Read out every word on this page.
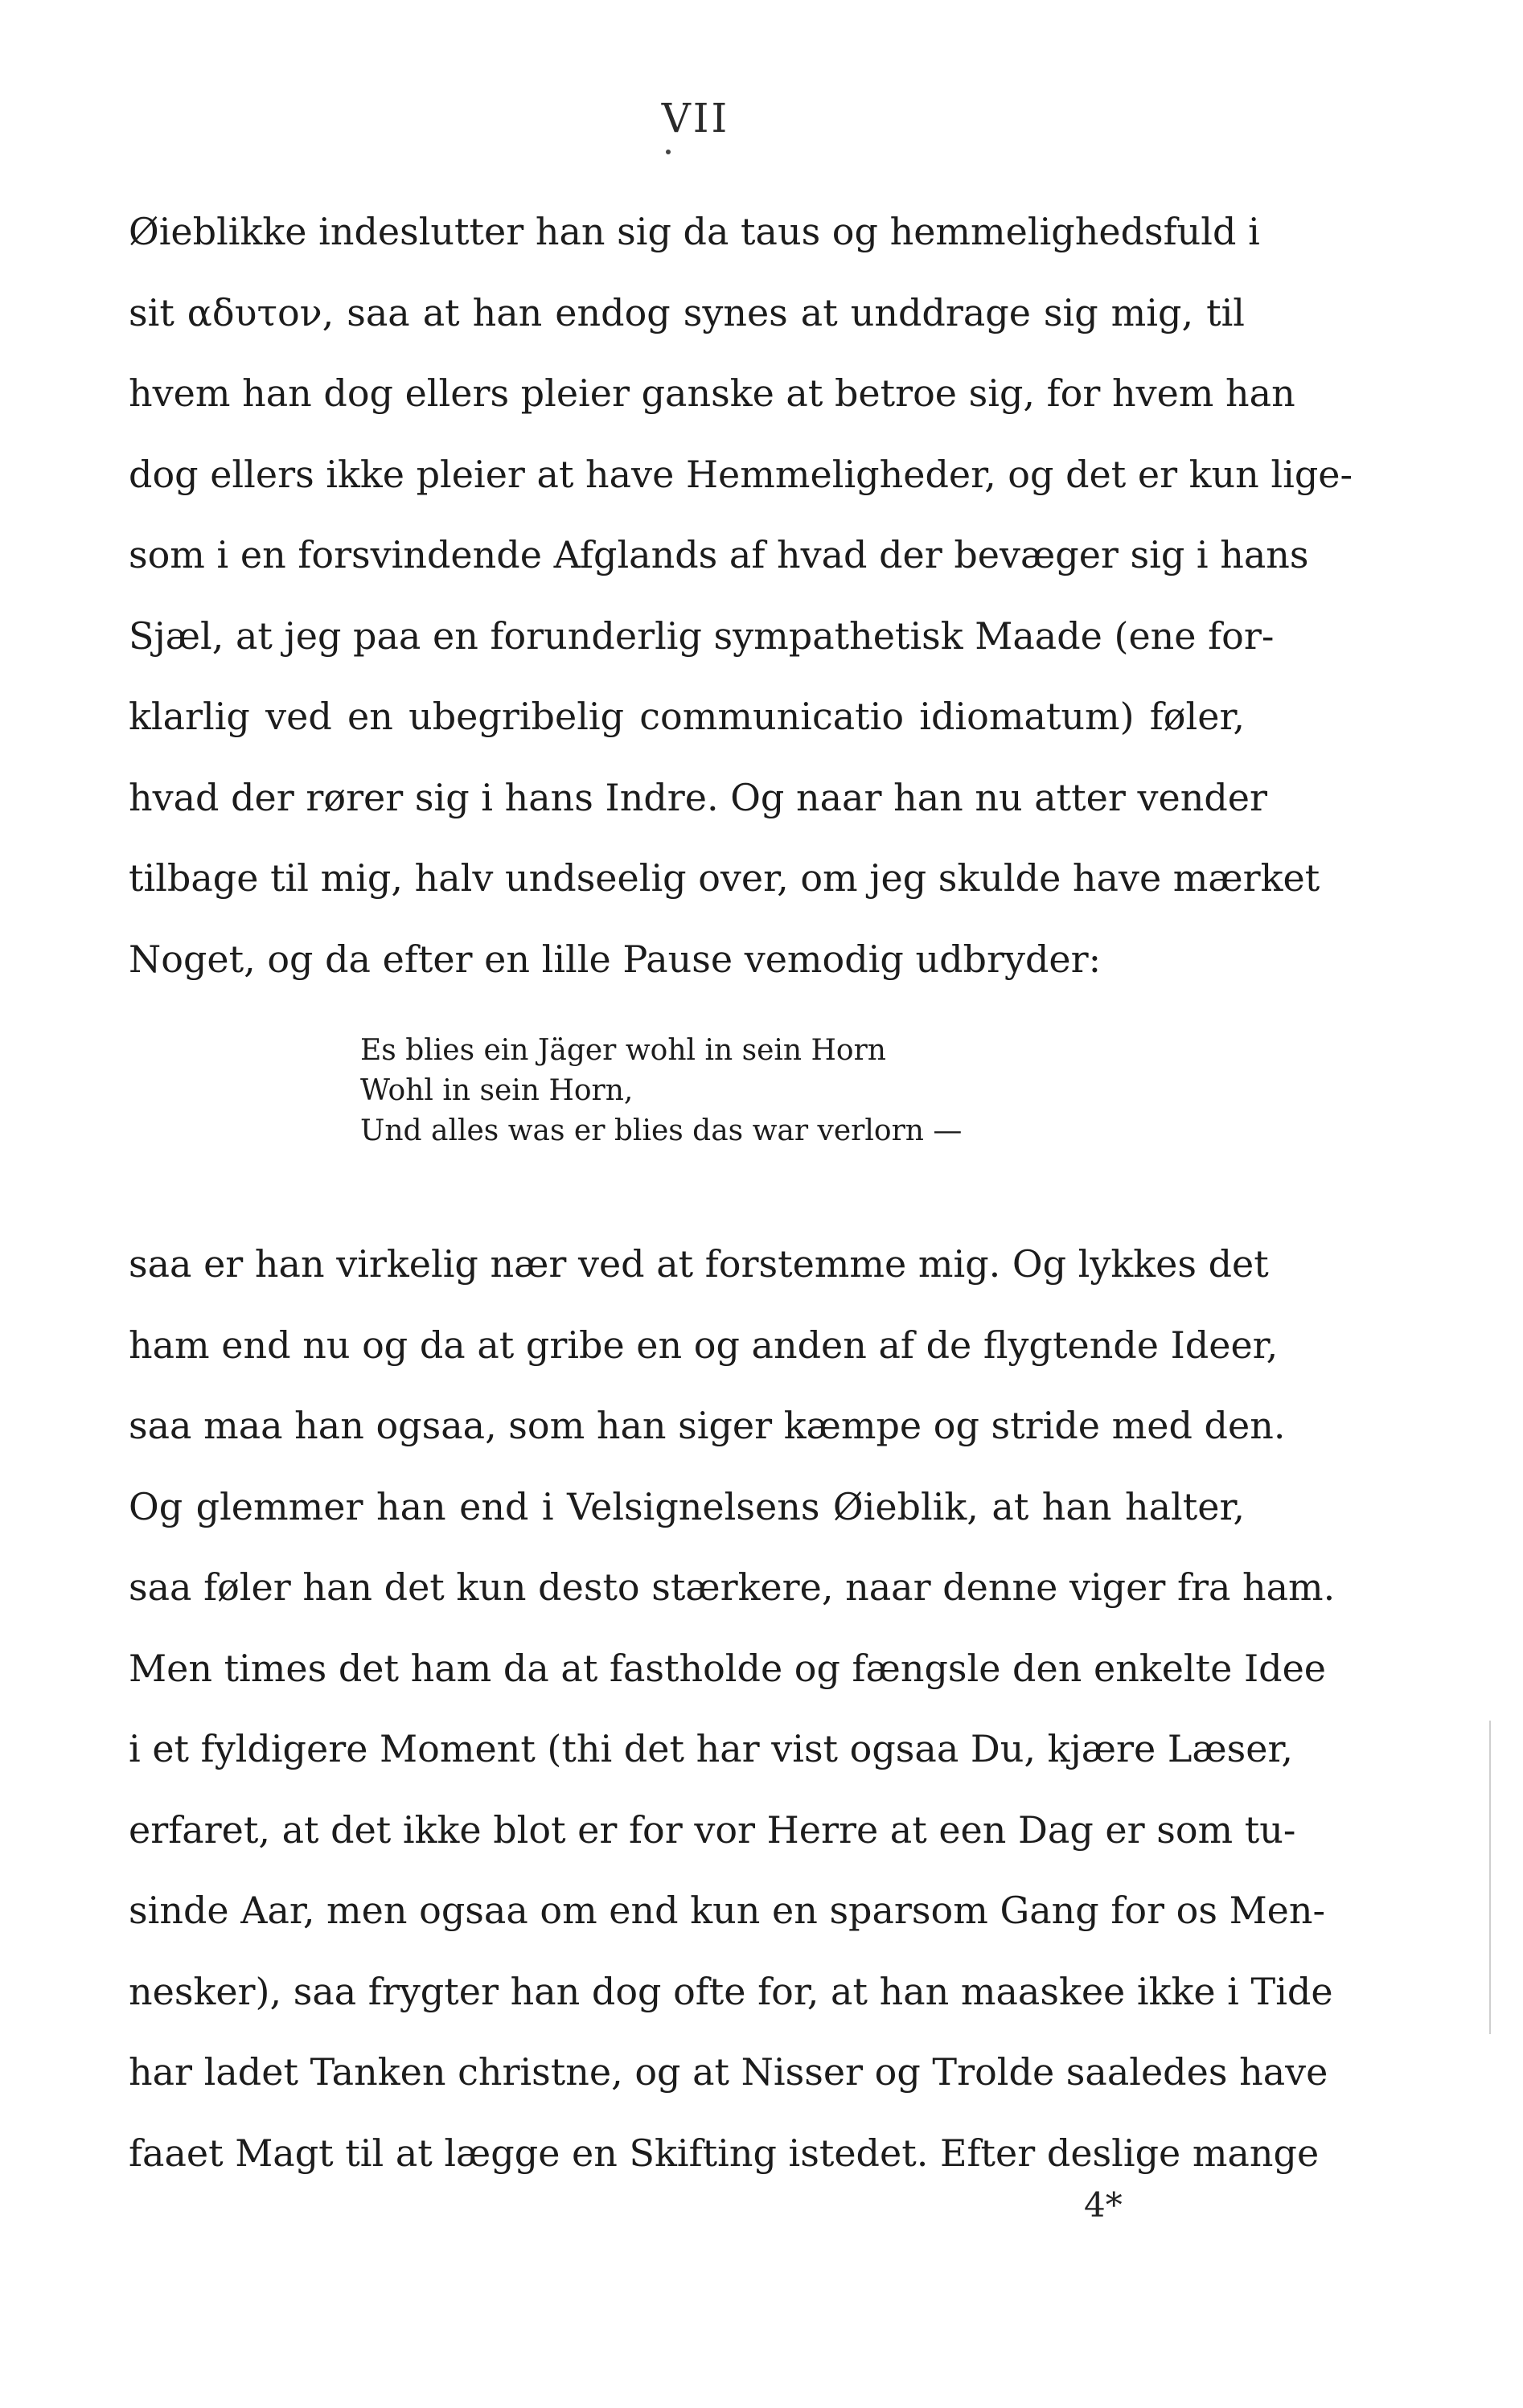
VII
Øieblikke indeslutter han sig da taus og hemmelighedsfuld i
sit αδυτον, saa at han endog synes at unddrage sig mig, til
hvem han dog ellers pleier ganske at betroe sig, for hvem han
dog ellers ikke pleier at have Hemmeligheder, og det er kun lige-
som i en forsvindende Afglands af hvad der bevæger sig i hans
Sjæl, at jeg paa en forunderlig sympathetisk Maade (ene for-
klarlig ved en ubegribelig communicatio idiomatum) føler,
hvad der rører sig i hans Indre. Og naar han nu atter vender
tilbage til mig, halv undseelig over, om jeg skulde have mærket
Noget, og da efter en lille Pause vemodig udbryder:
Es blies ein Jäger wohl in sein Horn
Wohl in sein Horn,
Und alles was er blies das war verlorn —
saa er han virkelig nær ved at forstemme mig. Og lykkes det
ham end nu og da at gribe en og anden af de flygtende Ideer,
saa maa han ogsaa, som han siger kæmpe og stride med den.
Og glemmer han end i Velsignelsens Øieblik, at han halter,
saa føler han det kun desto stærkere, naar denne viger fra ham.
Men times det ham da at fastholde og fængsle den enkelte Idee
i et fyldigere Moment (thi det har vist ogsaa Du, kjære Læser,
erfaret, at det ikke blot er for vor Herre at een Dag er som tu-
sinde Aar, men ogsaa om end kun en sparsom Gang for os Men-
nesker), saa frygter han dog ofte for, at han maaskee ikke i Tide
har ladet Tanken christne, og at Nisser og Trolde saaledes have
faaet Magt til at lægge en Skifting istedet. Efter deslige mange
4*
